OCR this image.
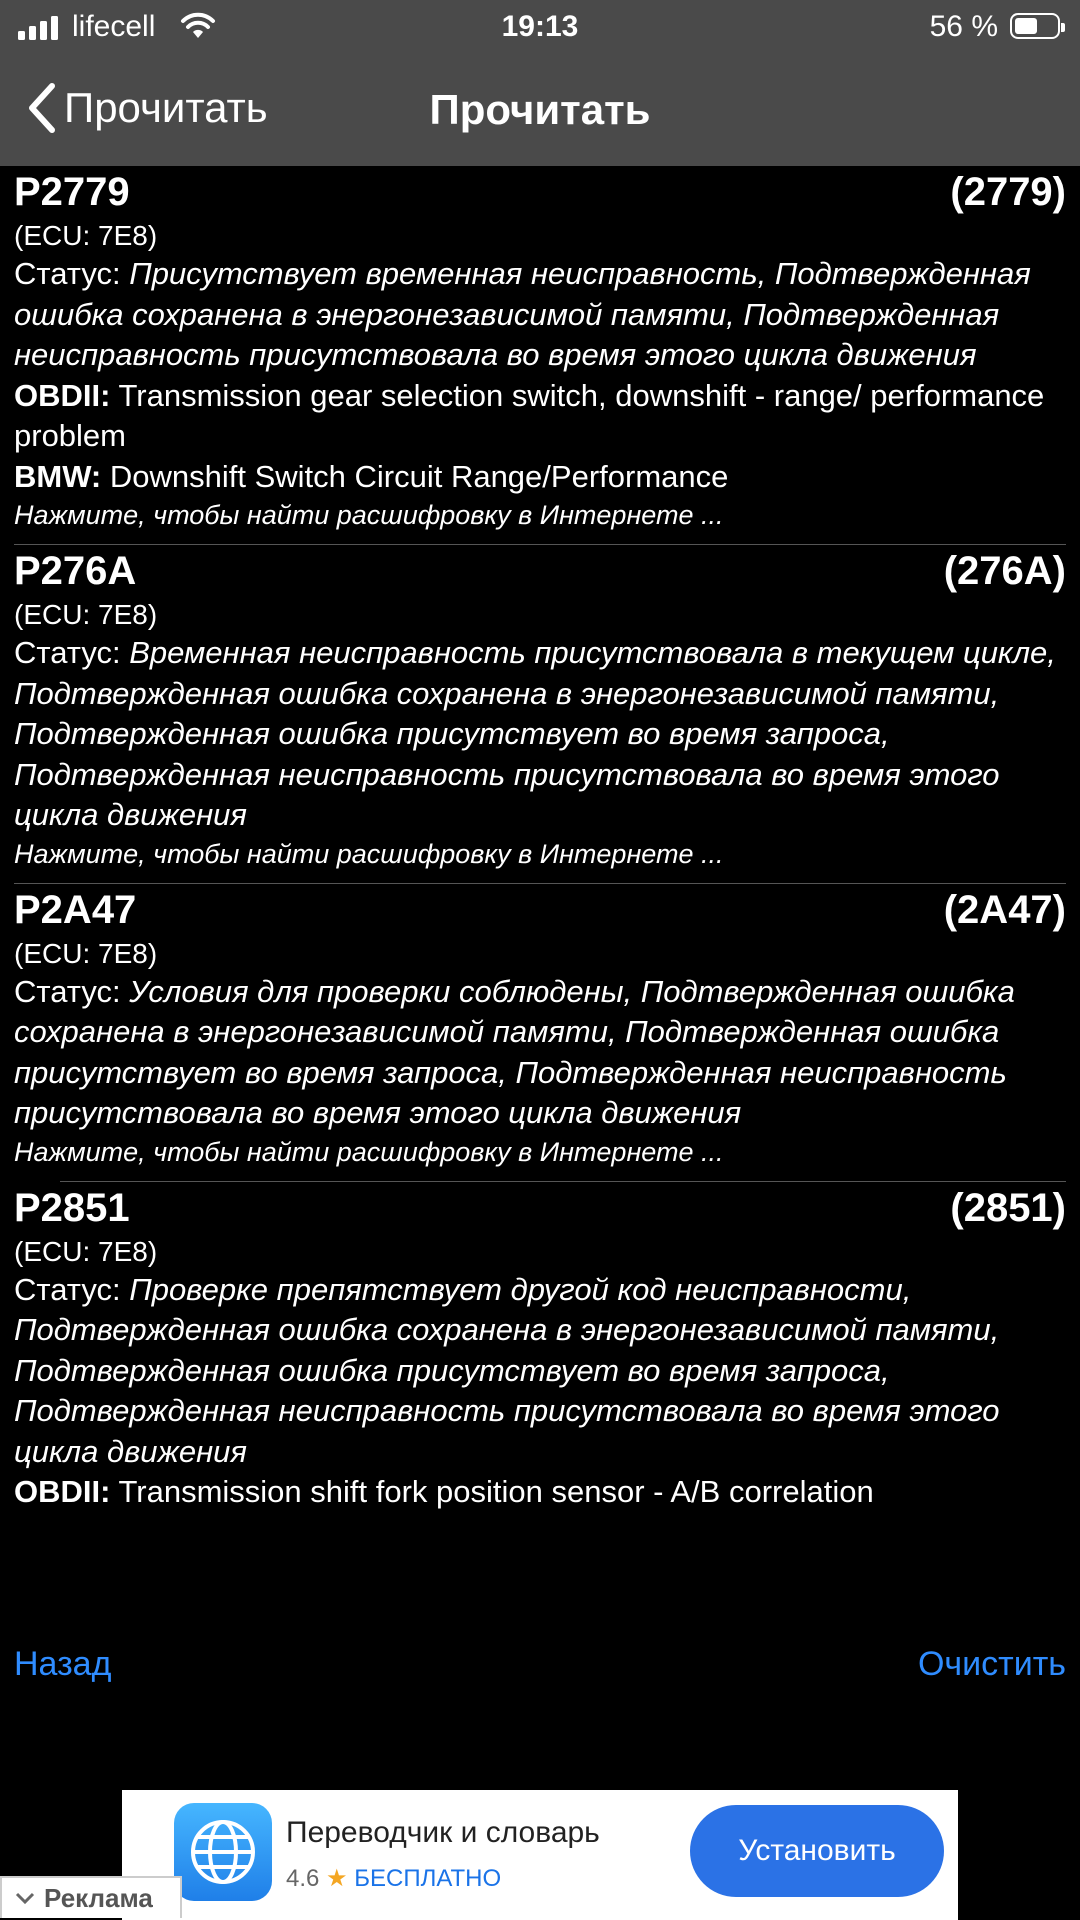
lifecell	19:13	56 %
Прочитать	Прочитать
P2779	(2779)
(ECU: 7E8)
Статус: Присутствует временная неисправность, Подтвержденная ошибка сохранена в энергонезависимой памяти, Подтвержденная неисправность присутствовала во время этого цикла движения
OBDII: Transmission gear selection switch, downshift - range/ performance problem
BMW: Downshift Switch Circuit Range/Performance
Нажмите, чтобы найти расшифровку в Интернете ...
P276A	(276A)
(ECU: 7E8)
Статус: Временная неисправность присутствовала в текущем цикле, Подтвержденная ошибка сохранена в энергонезависимой памяти, Подтвержденная ошибка присутствует во время запроса, Подтвержденная неисправность присутствовала во время этого цикла движения
Нажмите, чтобы найти расшифровку в Интернете ...
P2A47	(2A47)
(ECU: 7E8)
Статус: Условия для проверки соблюдены, Подтвержденная ошибка сохранена в энергонезависимой памяти, Подтвержденная ошибка присутствует во время запроса, Подтвержденная неисправность присутствовала во время этого цикла движения
Нажмите, чтобы найти расшифровку в Интернете ...
P2851	(2851)
(ECU: 7E8)
Статус: Проверке препятствует другой код неисправности, Подтвержденная ошибка сохранена в энергонезависимой памяти, Подтвержденная ошибка присутствует во время запроса, Подтвержденная неисправность присутствовала во время этого цикла движения
OBDII: Transmission shift fork position sensor - A/B correlation
Назад	Очистить
Переводчик и словарь
4.6 ★ БЕСПЛАТНО
Установить
Реклама
